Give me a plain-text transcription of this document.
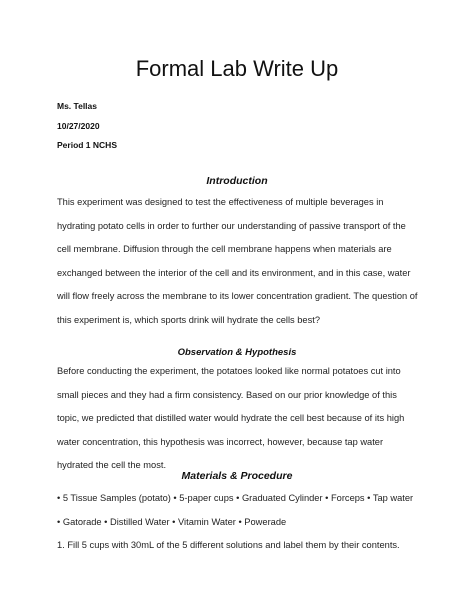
Formal Lab Write Up
Ms. Tellas
10/27/2020
Period 1 NCHS
Introduction
This experiment was designed to test the effectiveness of multiple beverages in
hydrating potato cells in order to further our understanding of passive transport of the
cell membrane. Diffusion through the cell membrane happens when materials are
exchanged between the interior of the cell and its environment, and in this case, water
will flow freely across the membrane to its lower concentration gradient. The question of
this experiment is, which sports drink will hydrate the cells best?
Observation & Hypothesis
Before conducting the experiment, the potatoes looked like normal potatoes cut into
small pieces and they had a firm consistency. Based on our prior knowledge of this
topic, we predicted that distilled water would hydrate the cell best because of its high
water concentration, this hypothesis was incorrect, however, because tap water
hydrated the cell the most.
Materials & Procedure
• 5 Tissue Samples (potato) • 5-paper cups • Graduated Cylinder • Forceps • Tap water
• Gatorade • Distilled Water • Vitamin Water • Powerade
1. Fill 5 cups with 30mL of the 5 different solutions and label them by their contents.
